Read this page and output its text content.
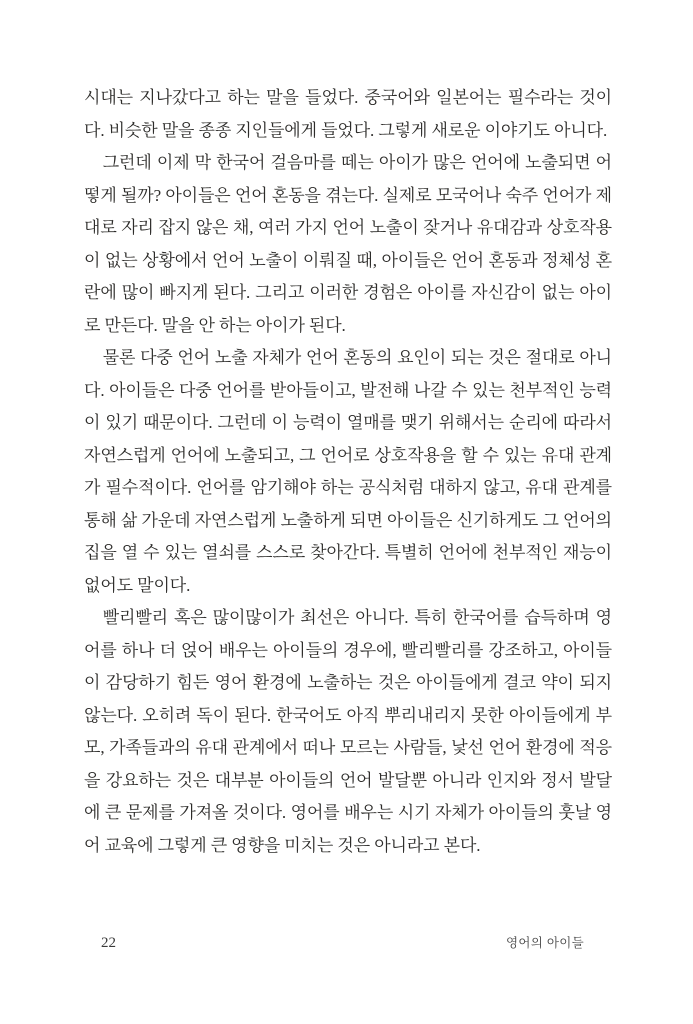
시대는 지나갔다고 하는 말을 들었다. 중국어와 일본어는 필수라는 것이다. 비슷한 말을 종종 지인들에게 들었다. 그렇게 새로운 이야기도 아니다.

그런데 이제 막 한국어 걸음마를 떼는 아이가 많은 언어에 노출되면 어떻게 될까? 아이들은 언어 혼동을 겪는다. 실제로 모국어나 숙주 언어가 제대로 자리 잡지 않은 채, 여러 가지 언어 노출이 잦거나 유대감과 상호작용이 없는 상황에서 언어 노출이 이뤄질 때, 아이들은 언어 혼동과 정체성 혼란에 많이 빠지게 된다. 그리고 이러한 경험은 아이를 자신감이 없는 아이로 만든다. 말을 안 하는 아이가 된다.

물론 다중 언어 노출 자체가 언어 혼동의 요인이 되는 것은 절대로 아니다. 아이들은 다중 언어를 받아들이고, 발전해 나갈 수 있는 천부적인 능력이 있기 때문이다. 그런데 이 능력이 열매를 맺기 위해서는 순리에 따라서 자연스럽게 언어에 노출되고, 그 언어로 상호작용을 할 수 있는 유대 관계가 필수적이다. 언어를 암기해야 하는 공식처럼 대하지 않고, 유대 관계를 통해 삶 가운데 자연스럽게 노출하게 되면 아이들은 신기하게도 그 언어의 집을 열 수 있는 열쇠를 스스로 찾아간다. 특별히 언어에 천부적인 재능이 없어도 말이다.

빨리빨리 혹은 많이많이가 최선은 아니다. 특히 한국어를 습득하며 영어를 하나 더 얹어 배우는 아이들의 경우에, 빨리빨리를 강조하고, 아이들이 감당하기 힘든 영어 환경에 노출하는 것은 아이들에게 결코 약이 되지 않는다. 오히려 독이 된다. 한국어도 아직 뿌리내리지 못한 아이들에게 부모, 가족들과의 유대 관계에서 떠나 모르는 사람들, 낯선 언어 환경에 적응을 강요하는 것은 대부분 아이들의 언어 발달뿐 아니라 인지와 정서 발달에 큰 문제를 가져올 것이다. 영어를 배우는 시기 자체가 아이들의 훗날 영어 교육에 그렇게 큰 영향을 미치는 것은 아니라고 본다.

22	영어의 아이들
